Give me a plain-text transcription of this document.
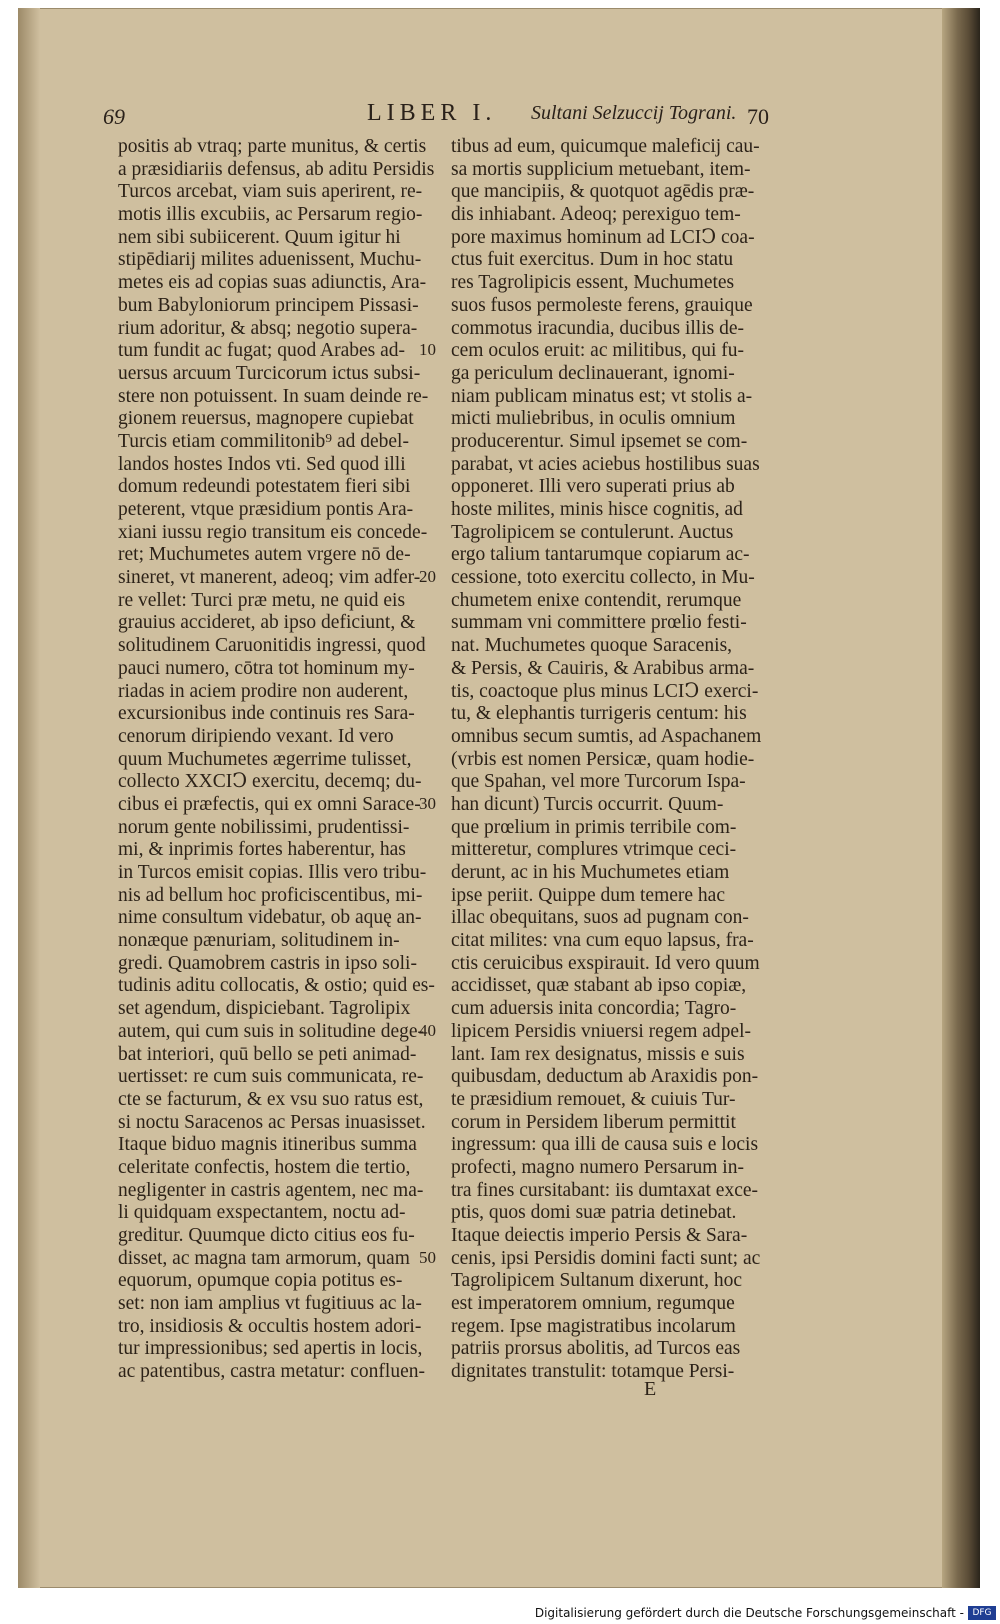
69	LIBER I. Sultani Selzuccij Tograni. 70
positis ab vtraq; parte munitus, & certis
a præsidiariis defensus, ab aditu Persidis
Turcos arcebat, viam suis aperirent, re-
motis illis excubiis, ac Persarum regio-
nem sibi subiicerent. Quum igitur hi
stipēdiarij milites aduenissent, Muchu-
metes eis ad copias suas adiunctis, Ara-
bum Babyloniorum principem Pissasi-
rium adoritur, & absq; negotio supera-
tum fundit ac fugat; quod Arabes ad-
uersus arcuum Turcicorum ictus subsi-
stere non potuissent. In suam deinde re-
gionem reuersus, magnopere cupiebat
Turcis etiam commilitonib⁹ ad debel-
landos hostes Indos vti. Sed quod illi
domum redeundi potestatem fieri sibi
peterent, vtque præsidium pontis Ara-
xiani iussu regio transitum eis concede-
ret; Muchumetes autem vrgere nō de-
sineret, vt manerent, adeoq; vim adfer-
re vellet: Turci præ metu, ne quid eis
grauius accideret, ab ipso deficiunt, &
solitudinem Caruonitidis ingressi, quod
pauci numero, cōtra tot hominum my-
riadas in aciem prodire non auderent,
excursionibus inde continuis res Sara-
cenorum diripiendo vexant. Id vero
quum Muchumetes ægerrime tulisset,
collecto XXCIↃ exercitu, decemq; du-
cibus ei præfectis, qui ex omni Sarace-
norum gente nobilissimi, prudentissi-
mi, & inprimis fortes haberentur, has
in Turcos emisit copias. Illis vero tribu-
nis ad bellum hoc proficiscentibus, mi-
nime consultum videbatur, ob aquę an-
nonæque pænuriam, solitudinem in-
gredi. Quamobrem castris in ipso soli-
tudinis aditu collocatis, & ostio; quid es-
set agendum, dispiciebant. Tagrolipix
autem, qui cum suis in solitudine dege-
bat interiori, quū bello se peti animad-
uertisset: re cum suis communicata, re-
cte se facturum, & ex vsu suo ratus est,
si noctu Saracenos ac Persas inuasisset.
Itaque biduo magnis itineribus summa
celeritate confectis, hostem die tertio,
negligenter in castris agentem, nec ma-
li quidquam exspectantem, noctu ad-
greditur. Quumque dicto citius eos fu-
disset, ac magna tam armorum, quam
equorum, opumque copia potitus es-
set: non iam amplius vt fugitiuus ac la-
tro, insidiosis & occultis hostem adori-
tur impressionibus; sed apertis in locis,
ac patentibus, castra metatur: confluen-
tibus ad eum, quicumque maleficij cau-
sa mortis supplicium metuebant, item-
que mancipiis, & quotquot agēdis præ-
dis inhiabant. Adeoq; perexiguo tem-
pore maximus hominum ad LCIↃ coa-
ctus fuit exercitus. Dum in hoc statu
res Tagrolipicis essent, Muchumetes
suos fusos permoleste ferens, grauique
commotus iracundia, ducibus illis de-
cem oculos eruit: ac militibus, qui fu-
ga periculum declinauerant, ignomi-
niam publicam minatus est; vt stolis a-
micti muliebribus, in oculis omnium
producerentur. Simul ipsemet se com-
parabat, vt acies aciebus hostilibus suas
opponeret. Illi vero superati prius ab
hoste milites, minis hisce cognitis, ad
Tagrolipicem se contulerunt. Auctus
ergo talium tantarumque copiarum ac-
cessione, toto exercitu collecto, in Mu-
chumetem enixe contendit, rerumque
summam vni committere prœlio festi-
nat. Muchumetes quoque Saracenis,
& Persis, & Cauiris, & Arabibus arma-
tis, coactoque plus minus LCIↃ exerci-
tu, & elephantis turrigeris centum: his
omnibus secum sumtis, ad Aspachanem
(vrbis est nomen Persicæ, quam hodie-
que Spahan, vel more Turcorum Ispa-
han dicunt) Turcis occurrit. Quum-
que prœlium in primis terribile com-
mitteretur, complures vtrimque ceci-
derunt, ac in his Muchumetes etiam
ipse periit. Quippe dum temere hac
illac obequitans, suos ad pugnam con-
citat milites: vna cum equo lapsus, fra-
ctis ceruicibus exspirauit. Id vero quum
accidisset, quæ stabant ab ipso copiæ,
cum aduersis inita concordia; Tagro-
lipicem Persidis vniuersi regem adpel-
lant. Iam rex designatus, missis e suis
quibusdam, deductum ab Araxidis pon-
te præsidium remouet, & cuiuis Tur-
corum in Persidem liberum permittit
ingressum: qua illi de causa suis e locis
profecti, magno numero Persarum in-
tra fines cursitabant: iis dumtaxat exce-
ptis, quos domi suæ patria detinebat.
Itaque deiectis imperio Persis & Sara-
cenis, ipsi Persidis domini facti sunt; ac
Tagrolipicem Sultanum dixerunt, hoc
est imperatorem omnium, regumque
regem. Ipse magistratibus incolarum
patriis prorsus abolitis, ad Turcos eas
dignitates transtulit: totamque Persi-
10
20
30
40
50
E
Digitalisierung gefördert durch die Deutsche Forschungsgemeinschaft - DFG
